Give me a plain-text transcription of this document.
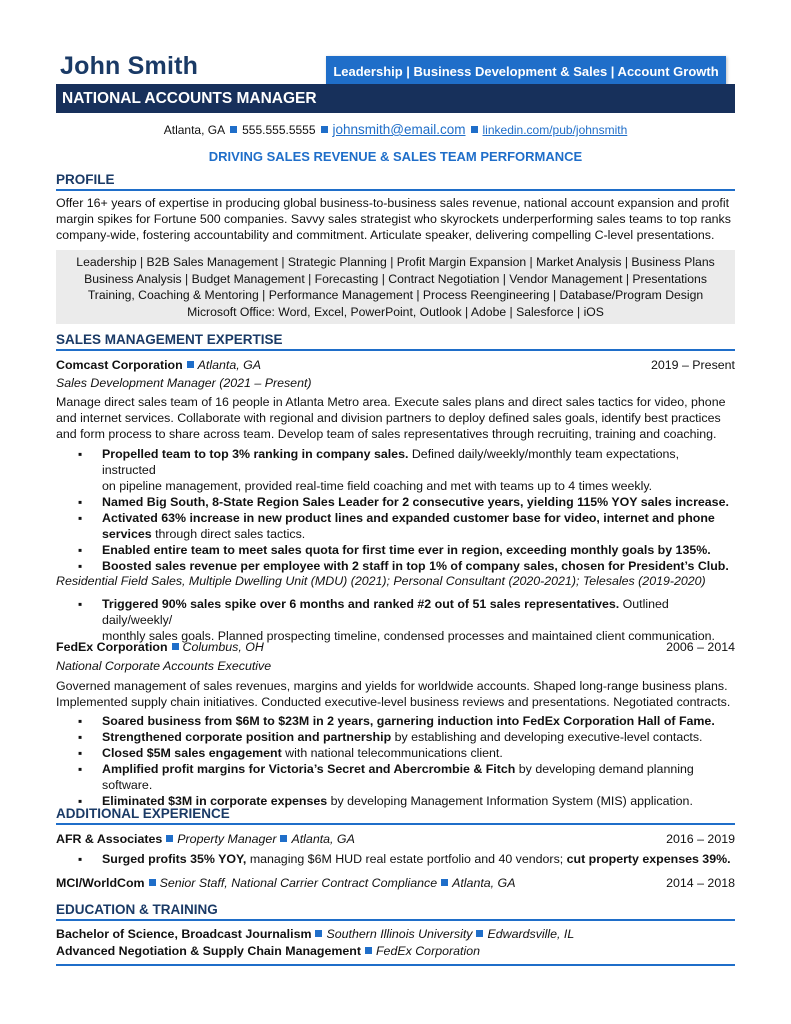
John Smith	Leadership | Business Development & Sales | Account Growth
NATIONAL ACCOUNTS MANAGER
Atlanta, GA 555.555.5555 johnsmith@email.com linkedin.com/pub/johnsmith
DRIVING SALES REVENUE & SALES TEAM PERFORMANCE
PROFILE
Offer 16+ years of expertise in producing global business-to-business sales revenue, national account expansion and profit
margin spikes for Fortune 500 companies. Savvy sales strategist who skyrockets underperforming sales teams to top ranks
company-wide, fostering accountability and commitment. Articulate speaker, delivering compelling C-level presentations.
Leadership | B2B Sales Management | Strategic Planning | Profit Margin Expansion | Market Analysis | Business Plans
Business Analysis | Budget Management | Forecasting | Contract Negotiation | Vendor Management | Presentations
Training, Coaching & Mentoring | Performance Management | Process Reengineering | Database/Program Design
Microsoft Office: Word, Excel, PowerPoint, Outlook | Adobe | Salesforce | iOS
SALES MANAGEMENT EXPERTISE
Comcast Corporation Atlanta, GA	2019 – Present
Sales Development Manager (2021 – Present)
Manage direct sales team of 16 people in Atlanta Metro area. Execute sales plans and direct sales tactics for video, phone
and internet services. Collaborate with regional and division partners to deploy defined sales goals, identify best practices
and form process to share across team. Develop team of sales representatives through recruiting, training and coaching.
▪ Propelled team to top 3% ranking in company sales. Defined daily/weekly/monthly team expectations, instructed
on pipeline management, provided real-time field coaching and met with teams up to 4 times weekly.
▪ Named Big South, 8-State Region Sales Leader for 2 consecutive years, yielding 115% YOY sales increase.
▪ Activated 63% increase in new product lines and expanded customer base for video, internet and phone
services through direct sales tactics.
▪ Enabled entire team to meet sales quota for first time ever in region, exceeding monthly goals by 135%.
▪ Boosted sales revenue per employee with 2 staff in top 1% of company sales, chosen for President’s Club.
Residential Field Sales, Multiple Dwelling Unit (MDU) (2021); Personal Consultant (2020-2021); Telesales (2019-2020)
▪ Triggered 90% sales spike over 6 months and ranked #2 out of 51 sales representatives. Outlined daily/weekly/
monthly sales goals. Planned prospecting timeline, condensed processes and maintained client communication.
FedEx Corporation Columbus, OH	2006 – 2014
National Corporate Accounts Executive
Governed management of sales revenues, margins and yields for worldwide accounts. Shaped long-range business plans.
Implemented supply chain initiatives. Conducted executive-level business reviews and presentations. Negotiated contracts.
▪ Soared business from $6M to $23M in 2 years, garnering induction into FedEx Corporation Hall of Fame.
▪ Strengthened corporate position and partnership by establishing and developing executive-level contacts.
▪ Closed $5M sales engagement with national telecommunications client.
▪ Amplified profit margins for Victoria’s Secret and Abercrombie & Fitch by developing demand planning software.
▪ Eliminated $3M in corporate expenses by developing Management Information System (MIS) application.
ADDITIONAL EXPERIENCE
AFR & Associates Property Manager Atlanta, GA	2016 – 2019
▪ Surged profits 35% YOY, managing $6M HUD real estate portfolio and 40 vendors; cut property expenses 39%.
MCI/WorldCom Senior Staff, National Carrier Contract Compliance Atlanta, GA	2014 – 2018
EDUCATION & TRAINING
Bachelor of Science, Broadcast Journalism Southern Illinois University Edwardsville, IL
Advanced Negotiation & Supply Chain Management FedEx Corporation
